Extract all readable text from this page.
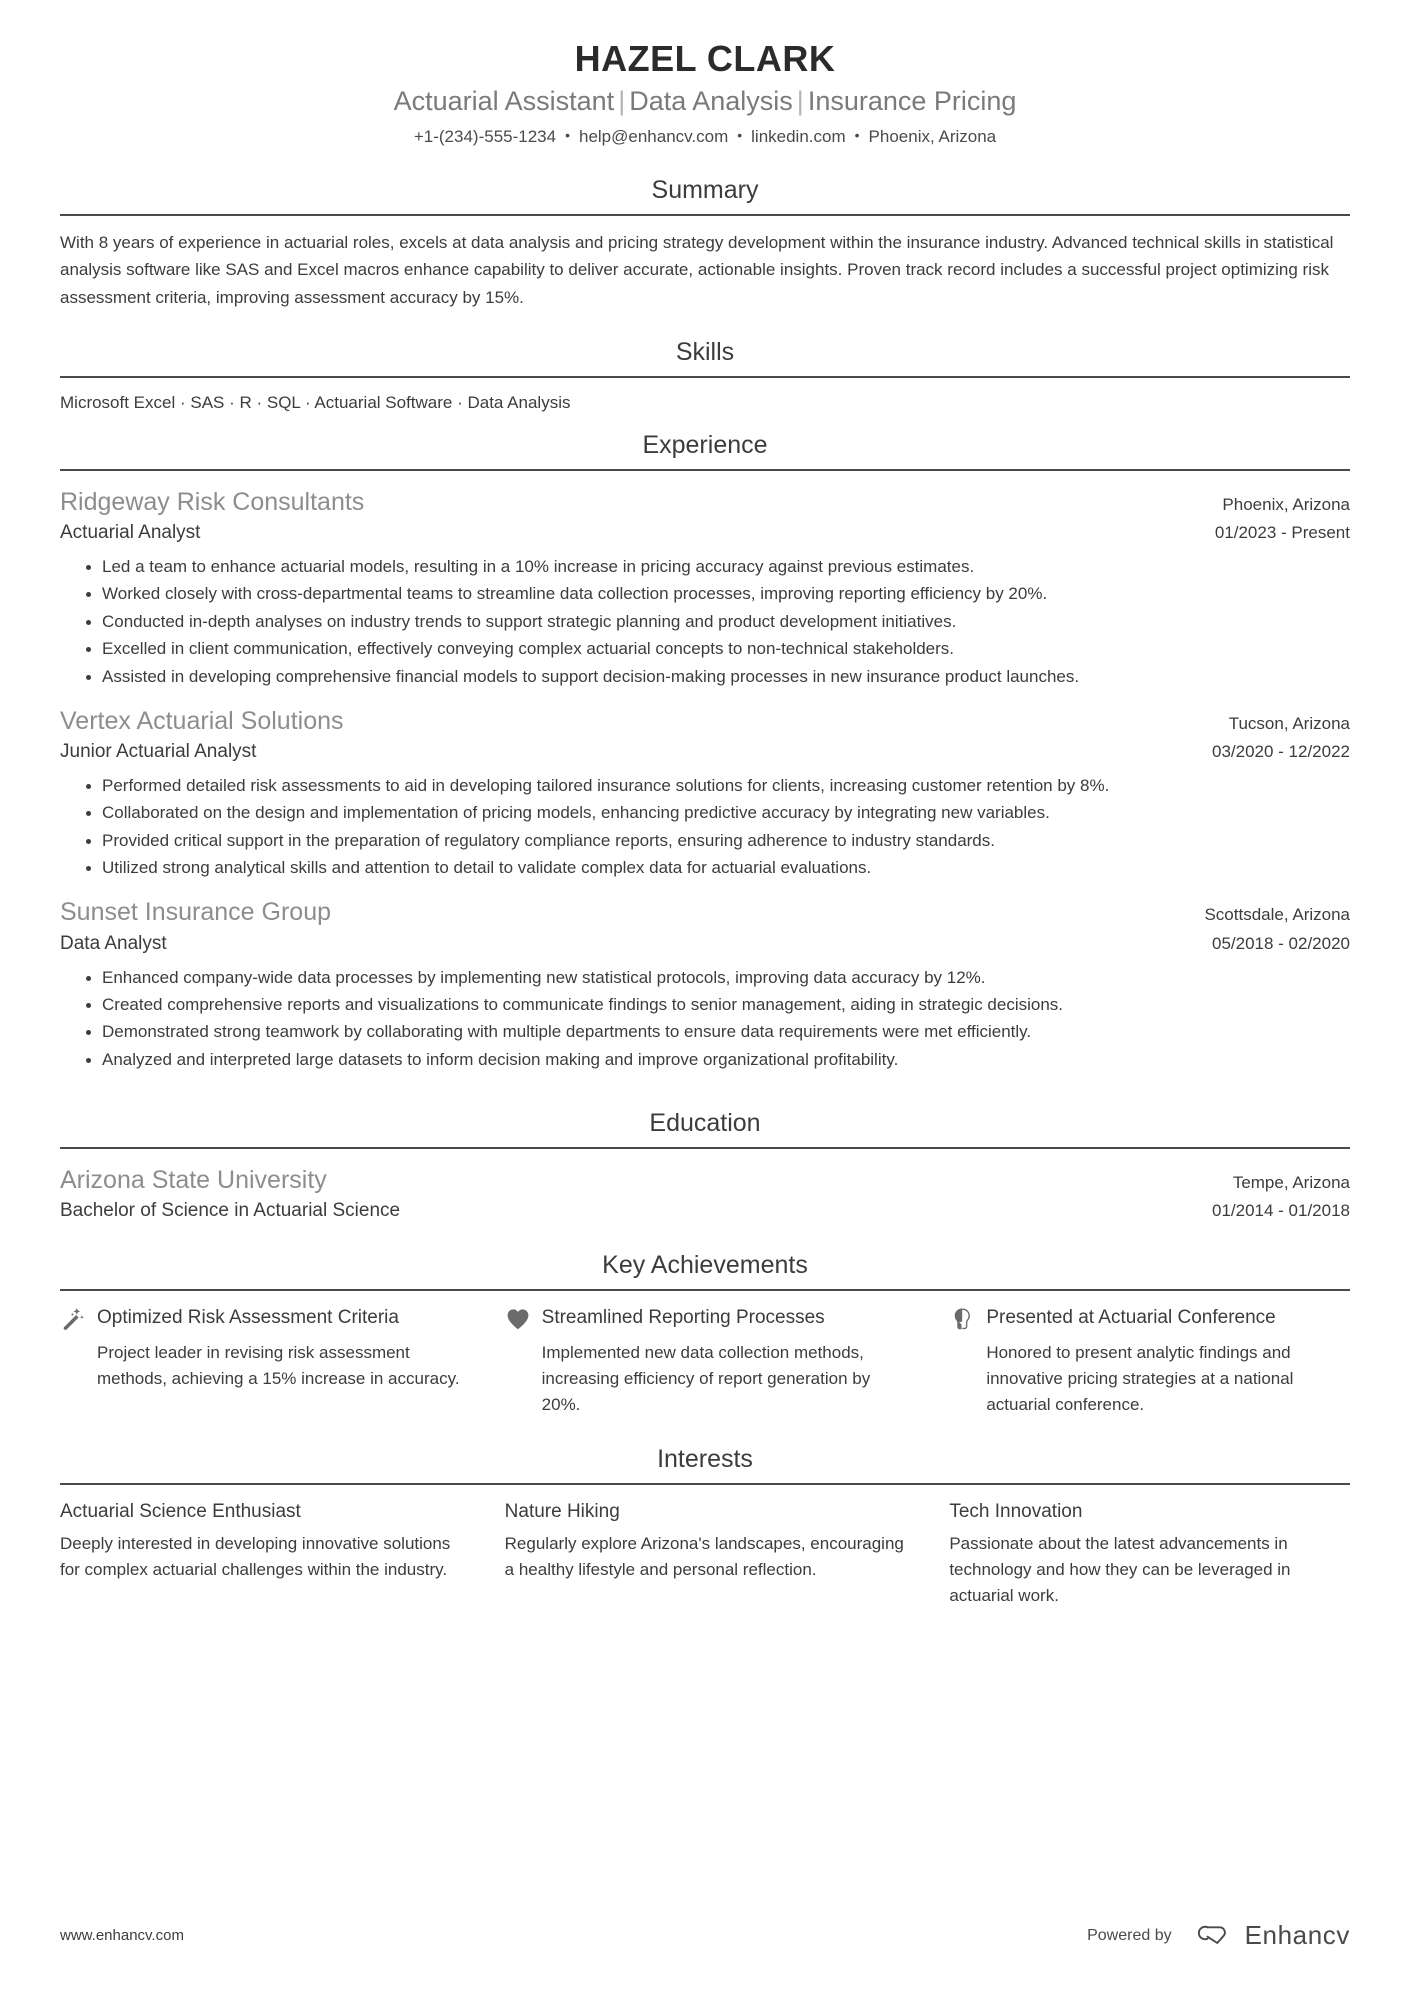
HAZEL CLARK
Actuarial Assistant | Data Analysis | Insurance Pricing
+1-(234)-555-1234 • help@enhancv.com • linkedin.com • Phoenix, Arizona
Summary
With 8 years of experience in actuarial roles, excels at data analysis and pricing strategy development within the insurance industry. Advanced technical skills in statistical analysis software like SAS and Excel macros enhance capability to deliver accurate, actionable insights. Proven track record includes a successful project optimizing risk assessment criteria, improving assessment accuracy by 15%.
Skills
Microsoft Excel · SAS · R · SQL · Actuarial Software · Data Analysis
Experience
Ridgeway Risk Consultants	Phoenix, Arizona
Actuarial Analyst	01/2023 - Present
Led a team to enhance actuarial models, resulting in a 10% increase in pricing accuracy against previous estimates.
Worked closely with cross-departmental teams to streamline data collection processes, improving reporting efficiency by 20%.
Conducted in-depth analyses on industry trends to support strategic planning and product development initiatives.
Excelled in client communication, effectively conveying complex actuarial concepts to non-technical stakeholders.
Assisted in developing comprehensive financial models to support decision-making processes in new insurance product launches.
Vertex Actuarial Solutions	Tucson, Arizona
Junior Actuarial Analyst	03/2020 - 12/2022
Performed detailed risk assessments to aid in developing tailored insurance solutions for clients, increasing customer retention by 8%.
Collaborated on the design and implementation of pricing models, enhancing predictive accuracy by integrating new variables.
Provided critical support in the preparation of regulatory compliance reports, ensuring adherence to industry standards.
Utilized strong analytical skills and attention to detail to validate complex data for actuarial evaluations.
Sunset Insurance Group	Scottsdale, Arizona
Data Analyst	05/2018 - 02/2020
Enhanced company-wide data processes by implementing new statistical protocols, improving data accuracy by 12%.
Created comprehensive reports and visualizations to communicate findings to senior management, aiding in strategic decisions.
Demonstrated strong teamwork by collaborating with multiple departments to ensure data requirements were met efficiently.
Analyzed and interpreted large datasets to inform decision making and improve organizational profitability.
Education
Arizona State University	Tempe, Arizona
Bachelor of Science in Actuarial Science	01/2014 - 01/2018
Key Achievements
Optimized Risk Assessment Criteria
Project leader in revising risk assessment methods, achieving a 15% increase in accuracy.
Streamlined Reporting Processes
Implemented new data collection methods, increasing efficiency of report generation by 20%.
Presented at Actuarial Conference
Honored to present analytic findings and innovative pricing strategies at a national actuarial conference.
Interests
Actuarial Science Enthusiast
Deeply interested in developing innovative solutions for complex actuarial challenges within the industry.
Nature Hiking
Regularly explore Arizona's landscapes, encouraging a healthy lifestyle and personal reflection.
Tech Innovation
Passionate about the latest advancements in technology and how they can be leveraged in actuarial work.
www.enhancv.com	Powered by	Enhancv
